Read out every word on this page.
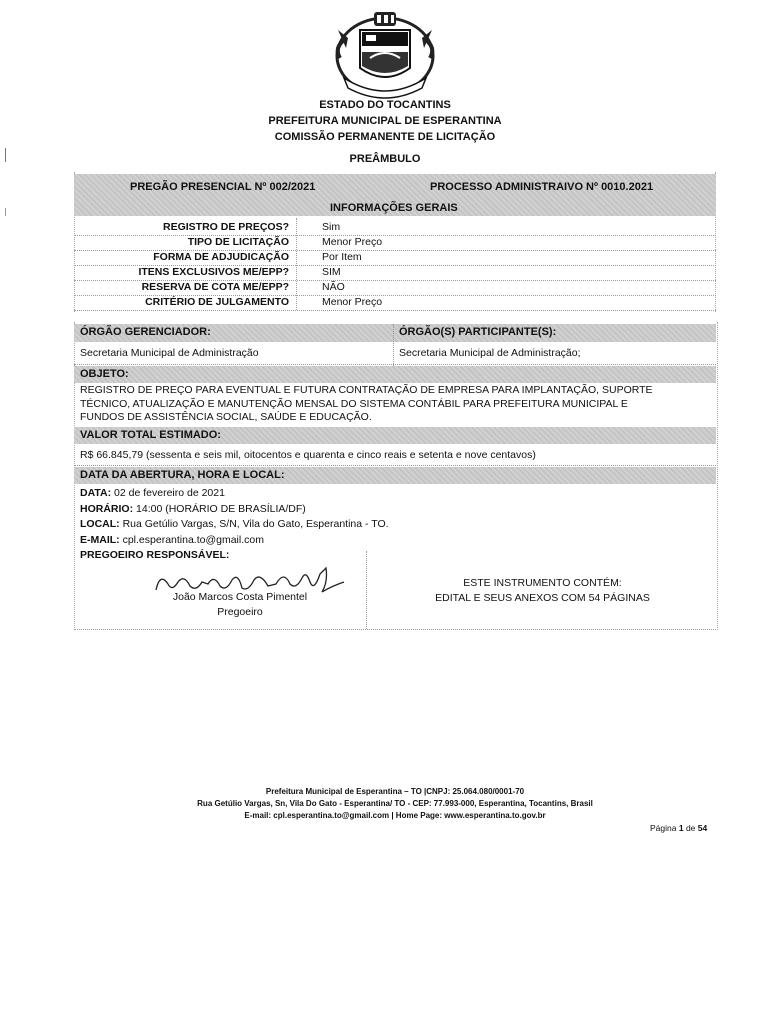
ESTADO DO TOCANTINS
PREFEITURA MUNICIPAL DE ESPERANTINA
COMISSÃO PERMANENTE DE LICITAÇÃO
PREÂMBULO
PREGÃO PRESENCIAL Nº 002/2021	PROCESSO ADMINISTRAIVO Nº 0010.2021
INFORMAÇÕES GERAIS
REGISTRO DE PREÇOS?	Sim
TIPO DE LICITAÇÃO	Menor Preço
FORMA DE ADJUDICAÇÃO	Por Item
ITENS EXCLUSIVOS ME/EPP?	SIM
RESERVA DE COTA ME/EPP?	NÃO
CRITÉRIO DE JULGAMENTO	Menor Preço
ÓRGÃO GERENCIADOR:	ÓRGÃO(S) PARTICIPANTE(S):
Secretaria Municipal de Administração	Secretaria Municipal de Administração;
OBJETO:
REGISTRO DE PREÇO PARA EVENTUAL E FUTURA CONTRATAÇÃO DE EMPRESA PARA IMPLANTAÇÃO, SUPORTE
TÉCNICO, ATUALIZAÇÃO E MANUTENÇÃO MENSAL DO SISTEMA CONTÁBIL PARA PREFEITURA MUNICIPAL E
FUNDOS DE ASSISTÊNCIA SOCIAL, SAÚDE E EDUCAÇÃO.
VALOR TOTAL ESTIMADO:
R$ 66.845,79 (sessenta e seis mil, oitocentos e quarenta e cinco reais e setenta e nove centavos)
DATA DA ABERTURA, HORA E LOCAL:
DATA: 02 de fevereiro de 2021
HORÁRIO: 14:00 (HORÁRIO DE BRASÍLIA/DF)
LOCAL: Rua Getúlio Vargas, S/N, Vila do Gato, Esperantina - TO.
E-MAIL: cpl.esperantina.to@gmail.com
PREGOEIRO RESPONSÁVEL:
João Marcos Costa Pimentel
Pregoeiro
ESTE INSTRUMENTO CONTÉM:
EDITAL E SEUS ANEXOS COM 54 PÁGINAS
Prefeitura Municipal de Esperantina – TO |CNPJ: 25.064.080/0001-70
Rua Getúlio Vargas, Sn, Vila Do Gato - Esperantina/ TO - CEP: 77.993-000, Esperantina, Tocantins, Brasil
E-mail: cpl.esperantina.to@gmail.com | Home Page: www.esperantina.to.gov.br
Página 1 de 54
